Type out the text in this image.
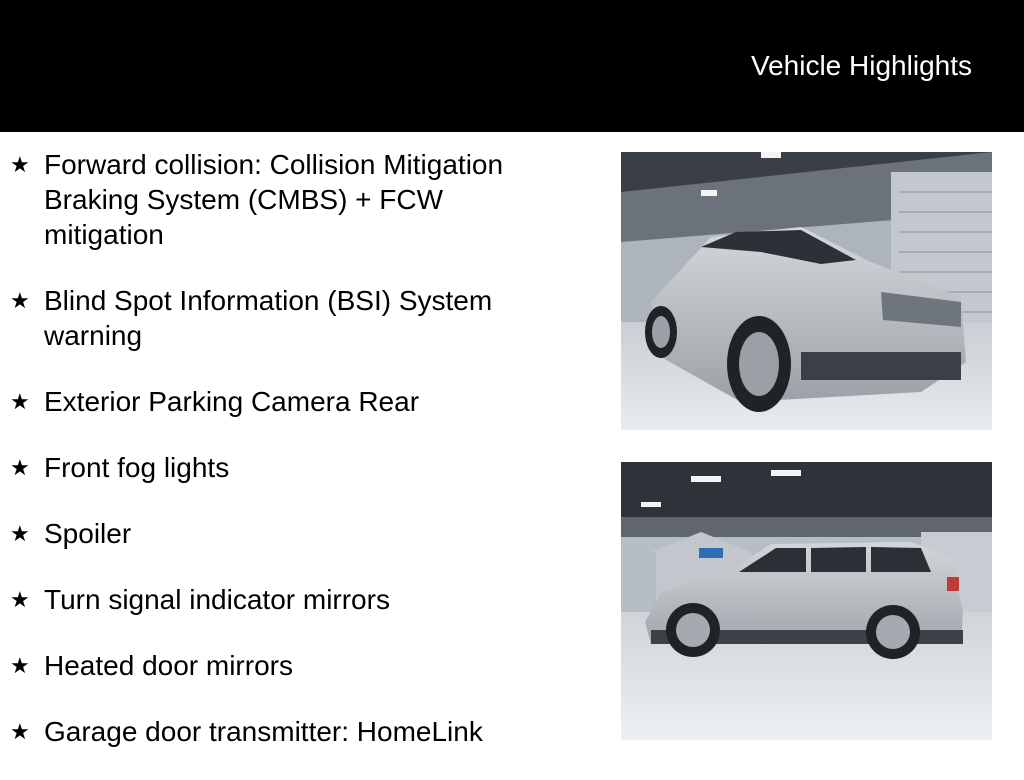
Vehicle Highlights
★ Forward collision: Collision Mitigation Braking System (CMBS) + FCW mitigation
★ Blind Spot Information (BSI) System warning
★ Exterior Parking Camera Rear
★ Front fog lights
★ Spoiler
★ Turn signal indicator mirrors
★ Heated door mirrors
★ Garage door transmitter: HomeLink
